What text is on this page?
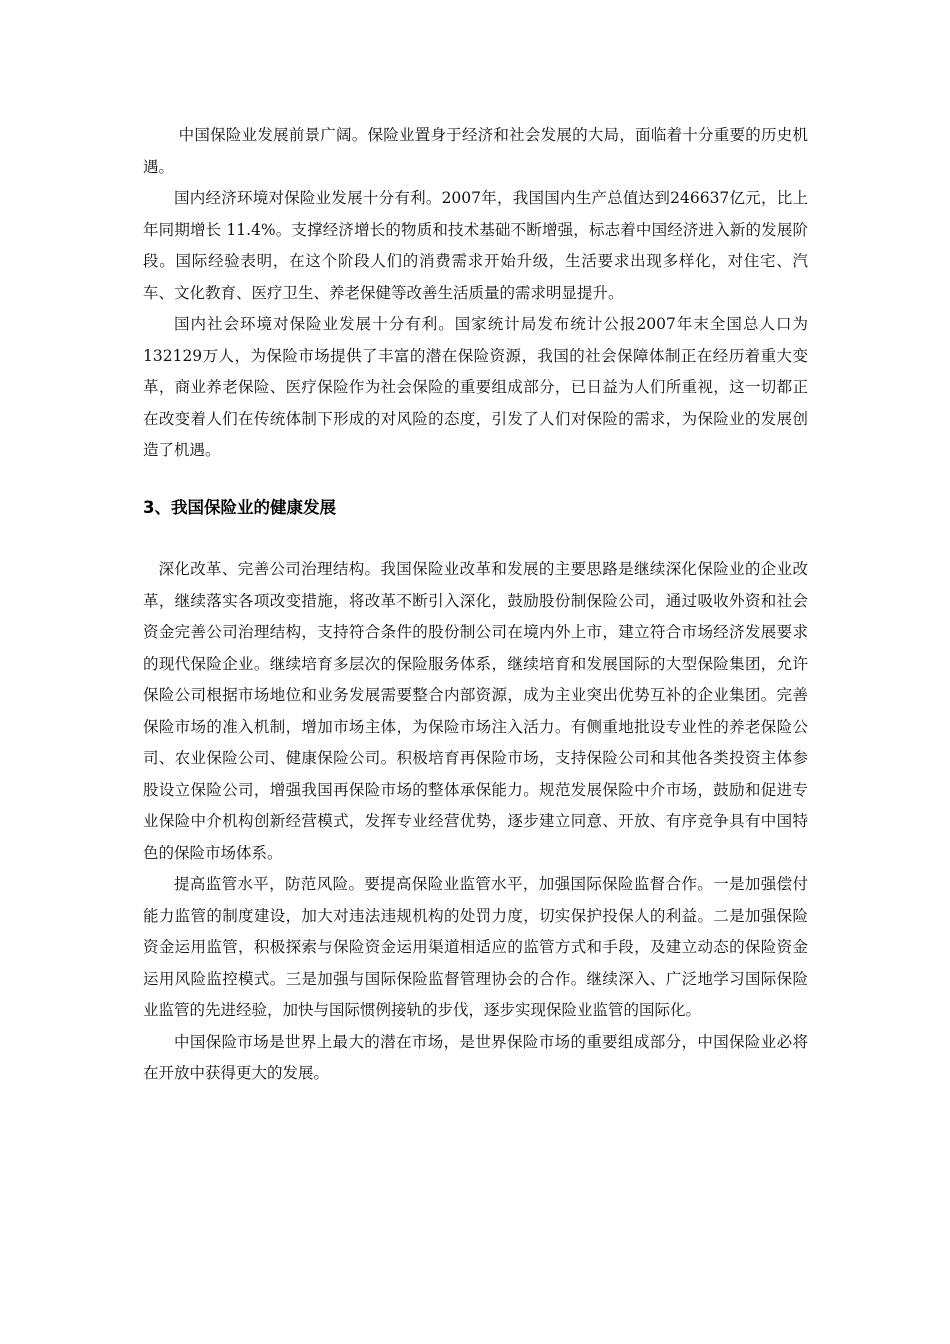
中国保险业发展前景广阔。保险业置身于经济和社会发展的大局，面临着十分重要的历史机遇。

国内经济环境对保险业发展十分有利。2007年，我国国内生产总值达到246637亿元，比上年同期增长 11.4%。支撑经济增长的物质和技术基础不断增强，标志着中国经济进入新的发展阶段。国际经验表明，在这个阶段人们的消费需求开始升级，生活要求出现多样化，对住宅、汽车、文化教育、医疗卫生、养老保健等改善生活质量的需求明显提升。

国内社会环境对保险业发展十分有利。国家统计局发布统计公报2007年末全国总人口为132129万人，为保险市场提供了丰富的潜在保险资源，我国的社会保障体制正在经历着重大变革，商业养老保险、医疗保险作为社会保险的重要组成部分，已日益为人们所重视，这一切都正在改变着人们在传统体制下形成的对风险的态度，引发了人们对保险的需求，为保险业的发展创造了机遇。

3、我国保险业的健康发展

深化改革、完善公司治理结构。我国保险业改革和发展的主要思路是继续深化保险业的企业改革，继续落实各项改变措施，将改革不断引入深化，鼓励股份制保险公司，通过吸收外资和社会资金完善公司治理结构，支持符合条件的股份制公司在境内外上市，建立符合市场经济发展要求的现代保险企业。继续培育多层次的保险服务体系，继续培育和发展国际的大型保险集团，允许保险公司根据市场地位和业务发展需要整合内部资源，成为主业突出优势互补的企业集团。完善保险市场的准入机制，增加市场主体，为保险市场注入活力。有侧重地批设专业性的养老保险公司、农业保险公司、健康保险公司。积极培育再保险市场，支持保险公司和其他各类投资主体参股设立保险公司，增强我国再保险市场的整体承保能力。规范发展保险中介市场，鼓励和促进专业保险中介机构创新经营模式，发挥专业经营优势，逐步建立同意、开放、有序竞争具有中国特色的保险市场体系。

提高监管水平，防范风险。要提高保险业监管水平，加强国际保险监督合作。一是加强偿付能力监管的制度建设，加大对违法违规机构的处罚力度，切实保护投保人的利益。二是加强保险资金运用监管，积极探索与保险资金运用渠道相适应的监管方式和手段，及建立动态的保险资金运用风险监控模式。三是加强与国际保险监督管理协会的合作。继续深入、广泛地学习国际保险业监管的先进经验，加快与国际惯例接轨的步伐，逐步实现保险业监管的国际化。

中国保险市场是世界上最大的潜在市场，是世界保险市场的重要组成部分，中国保险业必将在开放中获得更大的发展。
